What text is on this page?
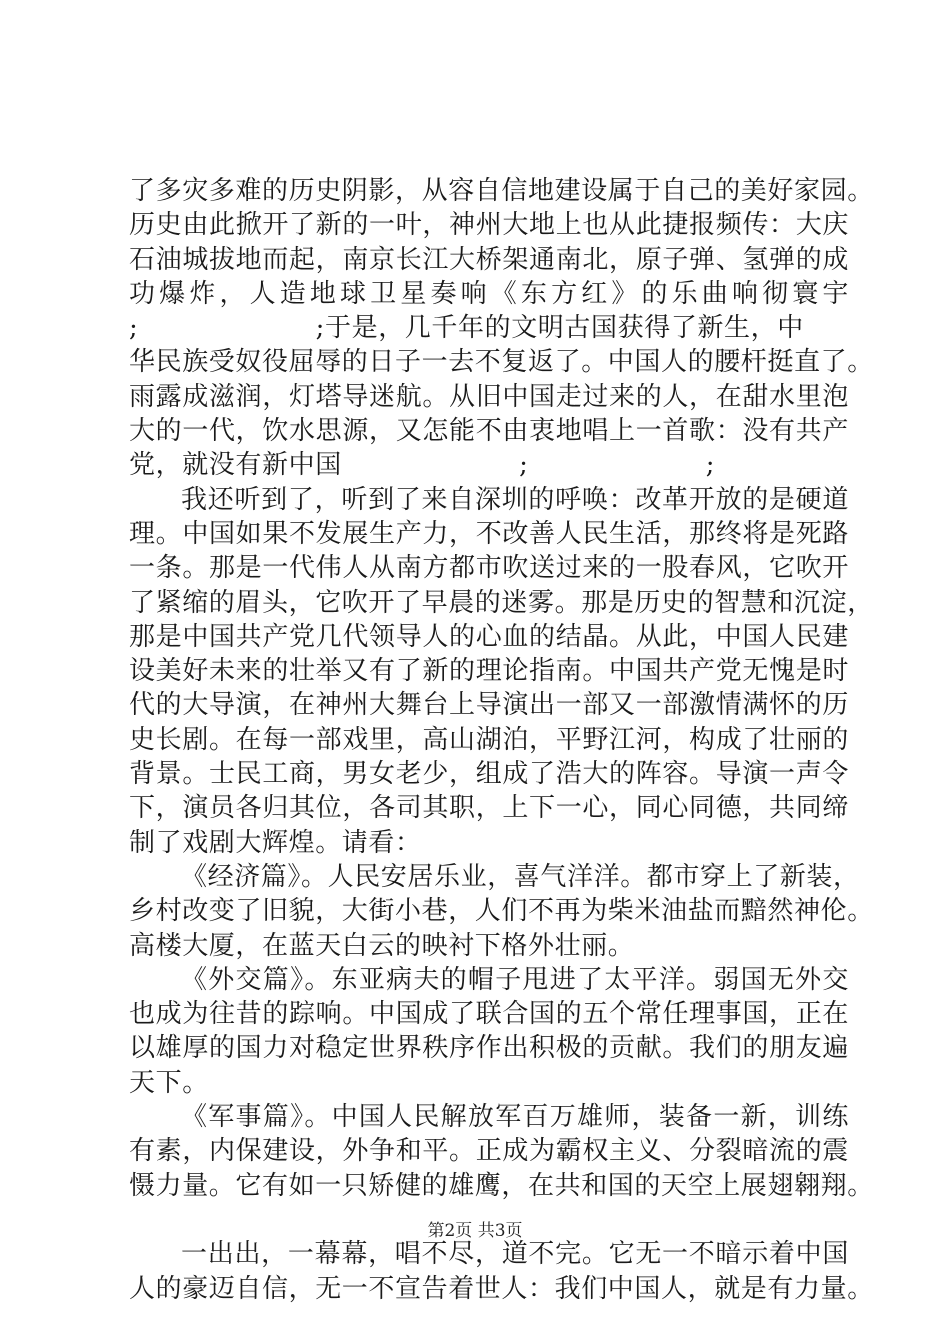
了多灾多难的历史阴影，从容自信地建设属于自己的美好家园。
历史由此掀开了新的一叶，神州大地上也从此捷报频传：大庆
石油城拔地而起，南京长江大桥架通南北，原子弹、氢弹的成
功爆炸，人造地球卫星奏响《东方红》的乐曲响彻寰宇
;                    ;于是，几千年的文明古国获得了新生，中
华民族受奴役屈辱的日子一去不复返了。中国人的腰杆挺直了。
雨露成滋润，灯塔导迷航。从旧中国走过来的人，在甜水里泡
大的一代，饮水思源，又怎能不由衷地唱上一首歌：没有共产
党，就没有新中国                    ;                    ;
我还听到了，听到了来自深圳的呼唤：改革开放的是硬道
理。中国如果不发展生产力，不改善人民生活，那终将是死路
一条。那是一代伟人从南方都市吹送过来的一股春风，它吹开
了紧缩的眉头，它吹开了早晨的迷雾。那是历史的智慧和沉淀，
那是中国共产党几代领导人的心血的结晶。从此，中国人民建
设美好未来的壮举又有了新的理论指南。中国共产党无愧是时
代的大导演，在神州大舞台上导演出一部又一部激情满怀的历
史长剧。在每一部戏里，高山湖泊，平野江河，构成了壮丽的
背景。士民工商，男女老少，组成了浩大的阵容。导演一声令
下，演员各归其位，各司其职，上下一心，同心同德，共同缔
制了戏剧大辉煌。请看：
《经济篇》。人民安居乐业，喜气洋洋。都市穿上了新装，
乡村改变了旧貌，大街小巷，人们不再为柴米油盐而黯然神伦。
高楼大厦，在蓝天白云的映衬下格外壮丽。
《外交篇》。东亚病夫的帽子甩进了太平洋。弱国无外交
也成为往昔的踪响。中国成了联合国的五个常任理事国，正在
以雄厚的国力对稳定世界秩序作出积极的贡献。我们的朋友遍
天下。
《军事篇》。中国人民解放军百万雄师，装备一新，训练
有素，内保建设，外争和平。正成为霸权主义、分裂暗流的震
慑力量。它有如一只矫健的雄鹰，在共和国的天空上展翅翱翔。
一出出，一幕幕，唱不尽，道不完。它无一不暗示着中国
人的豪迈自信，无一不宣告着世人：我们中国人，就是有力量。
第2页 共3页
